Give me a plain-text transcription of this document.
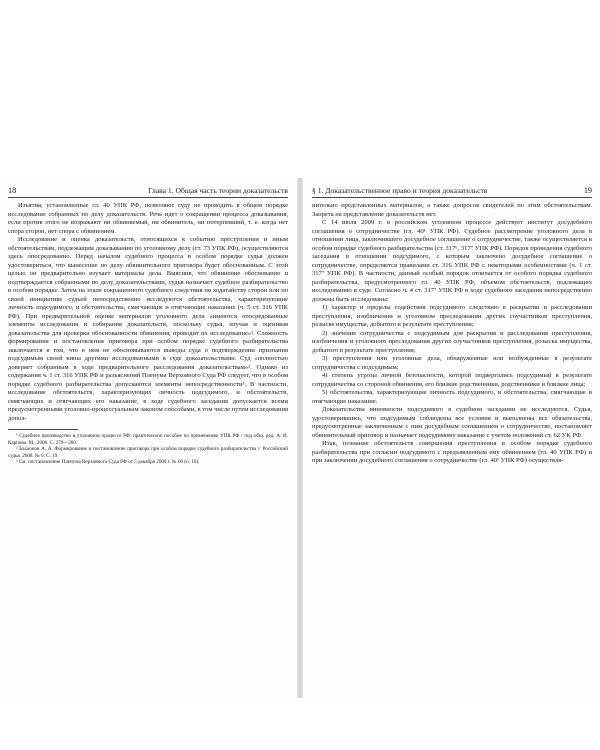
18	Глава 1. Общая часть теории доказательств

Изъятия, установленные гл. 40 УПК РФ, позволяют суду не проводить в общем порядке исследование собранных по делу доказательств. Речь идет о сокращении процесса доказывания, если против этого не возражают ни обвиняемый, ни обвинитель, ни потерпевший, т. е. когда нет спора сторон, нет спора с обвинением.

Исследование и оценка доказательств, относящихся к событию преступления и иным обстоятельствам, подлежащим доказыванию по уголовному делу (ст. 73 УПК РФ), осуществляются здесь опосредованно. Перед началом судебного процесса в особом порядке судья должен удостовериться, что вынесение по делу обвинительного приговора будет обоснованным. С этой целью он предварительно изучает материалы дела. Выяснив, что обвинение обоснованно и подтверждается собранными по делу доказательствами, судья назначает судебное разбирательство в особом порядке. Затем на этапе сокращенного судебного следствия по ходатайству сторон или по своей инициативе судьей непосредственно исследуются обстоятельства, характеризующие личность подсудимого, и обстоятельства, смягчающие и отягчающие наказание (ч. 5 ст. 316 УПК РФ). При предварительной оценке материалов уголовного дела «имеются опосредованные элементы исследования и собирания доказательств, поскольку судья, изучая и оценивая доказательства для проверки обоснованности обвинения, проводит их исследование»¹. Сложность формирования и постановления приговора при особом порядке судебного разбирательства заключается в том, что в нем не обосновываются выводы суда о подтверждении признания подсудимым своей вины другими исследованными в суде доказательствами. Суд «полностью доверяет собранным в ходе предварительного расследования доказательствам»². Однако из содержания ч. 1 ст. 316 УПК РФ и разъяснений Пленума Верховного Суда РФ следует, что в особом порядке судебного разбирательства допускаются элементы непосредственности³. В частности, исследование обстоятельств, характеризующих личность подсудимого, и обстоятельств, смягчающих и отягчающих его наказание, в ходе судебного заседания допускается всеми предусмотренными уголовно-процессуальным законом способами, в том числе путем исследования допол-

¹ Судебное производство в уголовном процессе РФ: практическое пособие по применению УПК РФ / под общ. ред. А. И. Карпова. М., 2008. С. 279—280.

² Бахаонов А. А. Формирование и постановление приговора при особом порядке судебного разбирательства // Российский судья. 2008. № 6. С. 19.

³ См. постановление Пленума Верховного Суда РФ от 5 декабря 2006 г. № 60 (п. 10).

§ 1. Доказательственное право и теория доказательств	19

нительно представленных материалов, а также допросов свидетелей по этим обстоятельствам. Запрета на представление доказательств нет.

С 14 июля 2009 г. в российском уголовном процессе действует институт досудебного соглашения о сотрудничестве (гл. 40¹ УПК РФ). Судебное рассмотрение уголовного дела в отношении лица, заключившего досудебное соглашение о сотрудничестве, также осуществляется в особом порядке судебного разбирательства (ст. 317⁶, 317⁷ УПК РФ). Порядок проведения судебного заседания в отношении подсудимого, с которым заключено досудебное соглашение о сотрудничестве, определяется правилами ст. 316 УПК РФ с некоторыми особенностями (ч. 1 ст. 317⁷ УПК РФ). В частности, данный особый порядок отличается от особого порядка судебного разбирательства, предусмотренного гл. 40 УПК РФ, объемом обстоятельств, подлежащих исследованию в суде. Согласно ч. 4 ст. 317⁷ УПК РФ в ходе судебного заседания непосредственно должны быть исследованы:

1) характер и пределы содействия подсудимого следствию в раскрытии и расследовании преступления, изобличении и уголовном преследовании других соучастников преступления, розыске имущества, добытого в результате преступления;

2) значение сотрудничества с подсудимым для раскрытия и расследования преступления, изобличения и уголовного преследования других соучастников преступления, розыска имущества, добытого в результате преступления;

3) преступления или уголовные дела, обнаруженные или возбужденные в результате сотрудничества с подсудимым;

4) степень угрозы личной безопасности, которой подвергались подсудимый в результате сотрудничества со стороной обвинения, его близкие родственники, родственники и близкие лица;

5) обстоятельства, характеризующие личность подсудимого, и обстоятельства, смягчающие и отягчающие наказание.

Доказательства виновности подсудимого в судебном заседании не исследуются. Судья, удостоверившись, что подсудимым соблюдены все условия и выполнены все обязательства, предусмотренные заключенным с ним досудебным соглашением о сотрудничестве, постановляет обвинительный приговор и назначает подсудимому наказание с учетом положений ст. 62 УК РФ.

Итак, познание обстоятельств совершения преступления в особом порядке судебного разбирательства при согласии подсудимого с предъявленным ему обвинением (гл. 40 УПК РФ) и при заключении досудебного соглашения о сотрудничестве (гл. 40¹ УПК РФ) осуществля-
